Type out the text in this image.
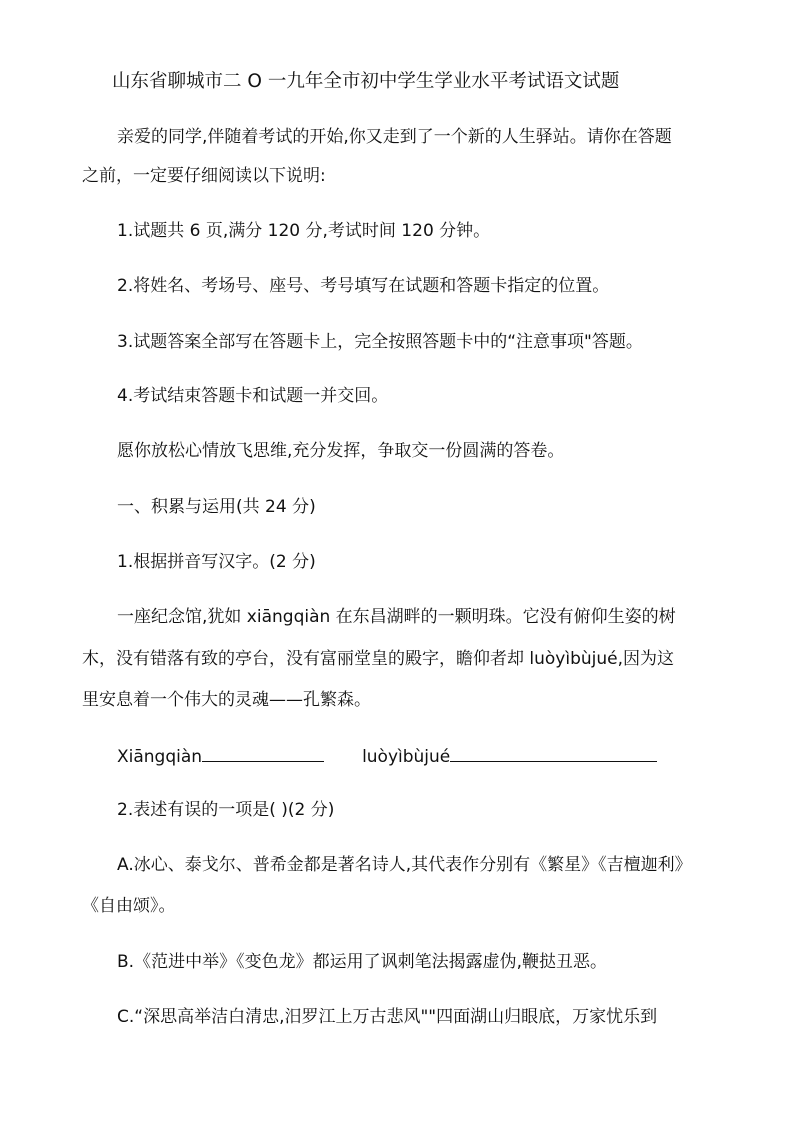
山东省聊城市二 O 一九年全市初中学生学业水平考试语文试题
亲爱的同学,伴随着考试的开始,你又走到了一个新的人生驿站。请你在答题
之前，一定要仔细阅读以下说明:
1.试题共 6 页,满分 120 分,考试时间 120 分钟。
2.将姓名、考场号、座号、考号填写在试题和答题卡指定的位置。
3.试题答案全部写在答题卡上，完全按照答题卡中的“注意事项"答题。
4.考试结束答题卡和试题一并交回。
愿你放松心情放飞思维,充分发挥，争取交一份圆满的答卷。
一、积累与运用(共 24 分)
1.根据拼音写汉字。(2 分)
一座纪念馆,犹如 xiāngqiàn 在东昌湖畔的一颗明珠。它没有俯仰生姿的树
木，没有错落有致的亭台，没有富丽堂皇的殿字，瞻仰者却 luòyìbùjué,因为这
里安息着一个伟大的灵魂——孔繁森。
Xiāngqiàn	luòyìbùjué
2.表述有误的一项是( )(2 分)
A.冰心、泰戈尔、普希金都是著名诗人,其代表作分别有《繁星》《吉檀迦利》
《自由颂》。
B.《范进中举》《变色龙》都运用了讽刺笔法揭露虚伪,鞭挞丑恶。
C.“深思高举洁白清忠,汨罗江上万古悲风""四面湖山归眼底，万家忧乐到
